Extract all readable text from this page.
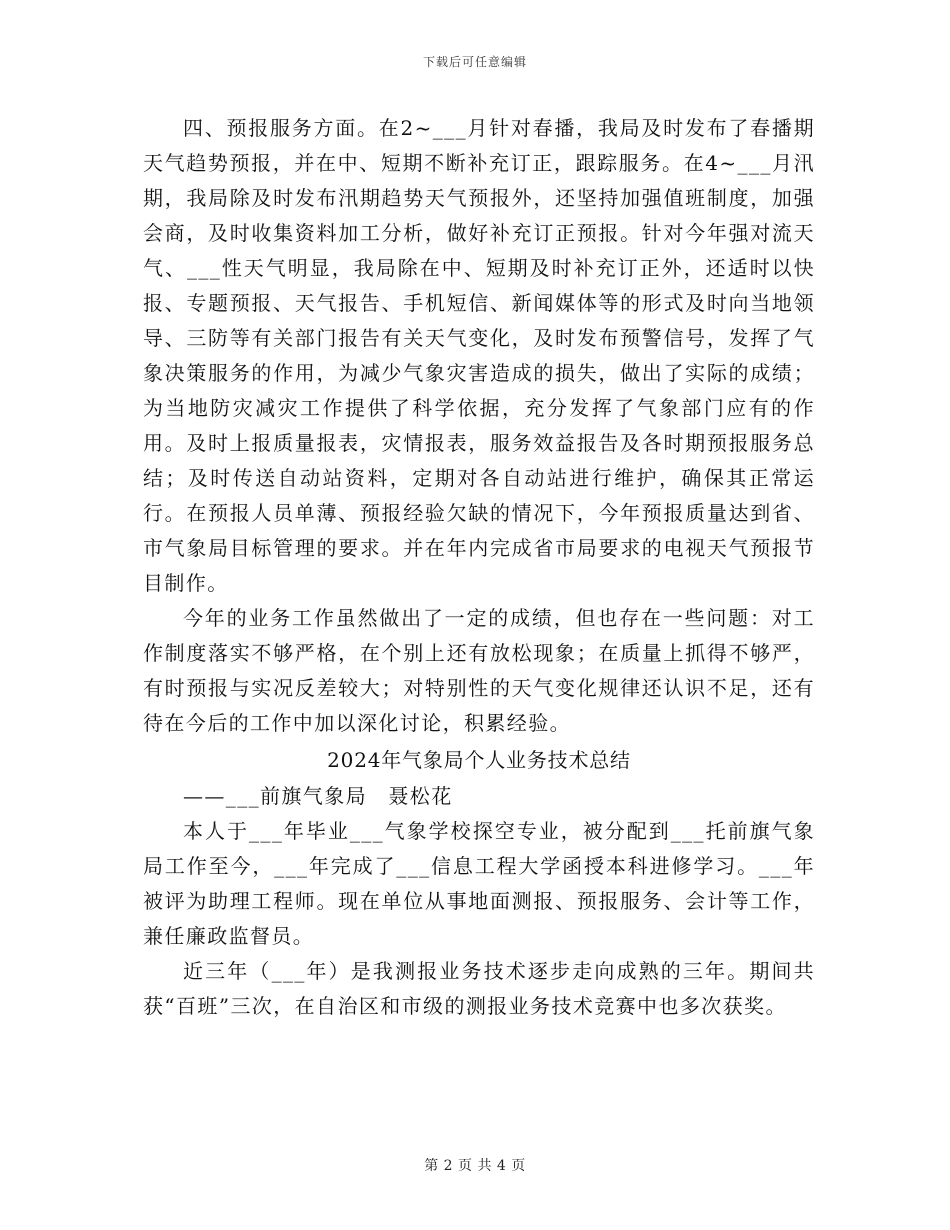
下载后可任意编辑

四、预报服务方面。在2~___月针对春播，我局及时发布了春播期天气趋势预报，并在中、短期不断补充订正，跟踪服务。在4~___月汛期，我局除及时发布汛期趋势天气预报外，还坚持加强值班制度，加强会商，及时收集资料加工分析，做好补充订正预报。针对今年强对流天气、___性天气明显，我局除在中、短期及时补充订正外，还适时以快报、专题预报、天气报告、手机短信、新闻媒体等的形式及时向当地领导、三防等有关部门报告有关天气变化，及时发布预警信号，发挥了气象决策服务的作用，为减少气象灾害造成的损失，做出了实际的成绩；为当地防灾减灾工作提供了科学依据，充分发挥了气象部门应有的作用。及时上报质量报表，灾情报表，服务效益报告及各时期预报服务总结；及时传送自动站资料，定期对各自动站进行维护，确保其正常运行。在预报人员单薄、预报经验欠缺的情况下，今年预报质量达到省、市气象局目标管理的要求。并在年内完成省市局要求的电视天气预报节目制作。

今年的业务工作虽然做出了一定的成绩，但也存在一些问题：对工作制度落实不够严格，在个别上还有放松现象；在质量上抓得不够严，有时预报与实况反差较大；对特别性的天气变化规律还认识不足，还有待在今后的工作中加以深化讨论，积累经验。

2024年气象局个人业务技术总结

——___前旗气象局　聂松花

本人于___年毕业___气象学校探空专业，被分配到___托前旗气象局工作至今，___年完成了___信息工程大学函授本科进修学习。___年被评为助理工程师。现在单位从事地面测报、预报服务、会计等工作，兼任廉政监督员。

近三年（___年）是我测报业务技术逐步走向成熟的三年。期间共获“百班”三次，在自治区和市级的测报业务技术竞赛中也多次获奖。

第 2 页 共 4 页
